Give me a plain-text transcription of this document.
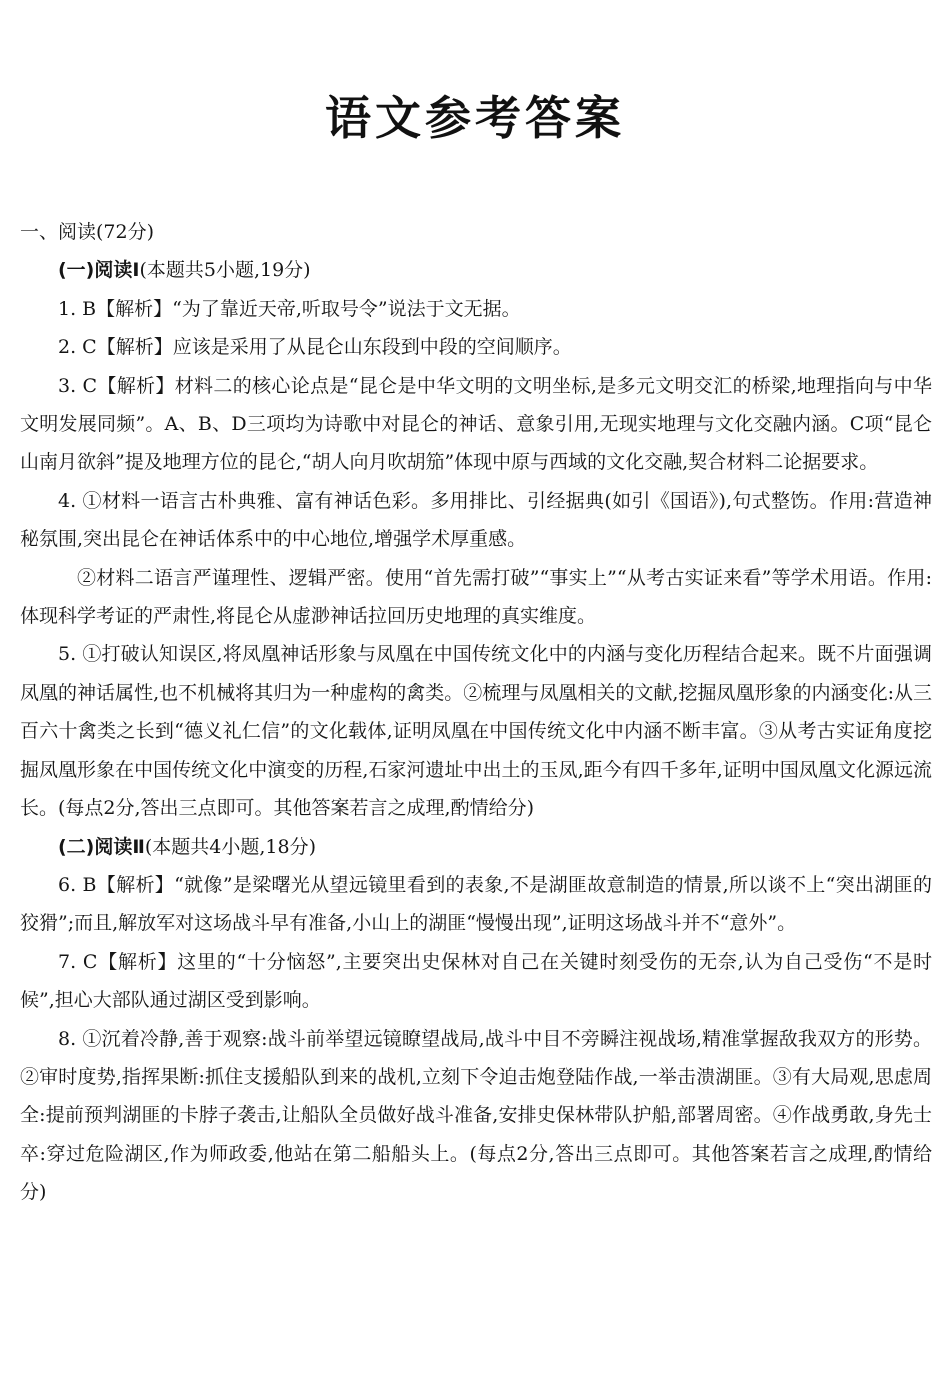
语文参考答案

一、阅读(72分)

(一)阅读Ⅰ(本题共5小题,19分)

1. B【解析】“为了靠近天帝,听取号令”说法于文无据。

2. C【解析】应该是采用了从昆仑山东段到中段的空间顺序。

3. C【解析】材料二的核心论点是“昆仑是中华文明的文明坐标,是多元文明交汇的桥梁,地理指向与中华文明发展同频”。A、B、D三项均为诗歌中对昆仑的神话、意象引用,无现实地理与文化交融内涵。C项“昆仑山南月欲斜”提及地理方位的昆仑,“胡人向月吹胡笳”体现中原与西域的文化交融,契合材料二论据要求。

4. ①材料一语言古朴典雅、富有神话色彩。多用排比、引经据典(如引《国语》),句式整饬。作用:营造神秘氛围,突出昆仑在神话体系中的中心地位,增强学术厚重感。

②材料二语言严谨理性、逻辑严密。使用“首先需打破”“事实上”“从考古实证来看”等学术用语。作用:体现科学考证的严肃性,将昆仑从虚渺神话拉回历史地理的真实维度。

5. ①打破认知误区,将凤凰神话形象与凤凰在中国传统文化中的内涵与变化历程结合起来。既不片面强调凤凰的神话属性,也不机械将其归为一种虚构的禽类。②梳理与凤凰相关的文献,挖掘凤凰形象的内涵变化:从三百六十禽类之长到“德义礼仁信”的文化载体,证明凤凰在中国传统文化中内涵不断丰富。③从考古实证角度挖掘凤凰形象在中国传统文化中演变的历程,石家河遗址中出土的玉凤,距今有四千多年,证明中国凤凰文化源远流长。(每点2分,答出三点即可。其他答案若言之成理,酌情给分)

(二)阅读Ⅱ(本题共4小题,18分)

6. B【解析】“就像”是梁曙光从望远镜里看到的表象,不是湖匪故意制造的情景,所以谈不上“突出湖匪的狡猾”;而且,解放军对这场战斗早有准备,小山上的湖匪“慢慢出现”,证明这场战斗并不“意外”。

7. C【解析】这里的“十分恼怒”,主要突出史保林对自己在关键时刻受伤的无奈,认为自己受伤“不是时候”,担心大部队通过湖区受到影响。

8. ①沉着冷静,善于观察:战斗前举望远镜瞭望战局,战斗中目不旁瞬注视战场,精准掌握敌我双方的形势。②审时度势,指挥果断:抓住支援船队到来的战机,立刻下令迫击炮登陆作战,一举击溃湖匪。③有大局观,思虑周全:提前预判湖匪的卡脖子袭击,让船队全员做好战斗准备,安排史保林带队护船,部署周密。④作战勇敢,身先士卒:穿过危险湖区,作为师政委,他站在第二船船头上。(每点2分,答出三点即可。其他答案若言之成理,酌情给分)
